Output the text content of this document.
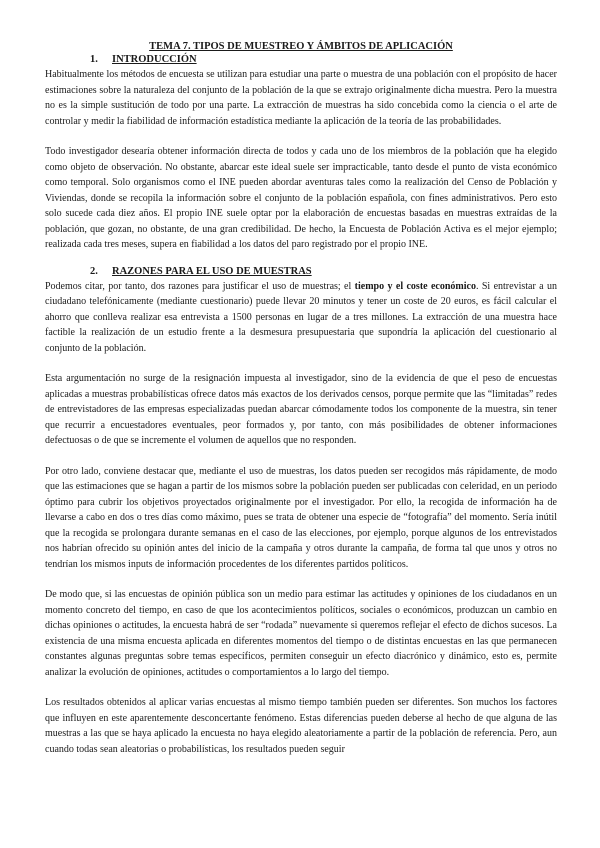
TEMA 7. TIPOS DE MUESTREO Y ÁMBITOS DE APLICACIÓN
1. INTRODUCCIÓN

Habitualmente los métodos de encuesta se utilizan para estudiar una parte o muestra de una población con el propósito de hacer estimaciones sobre la naturaleza del conjunto de la población de la que se extrajo originalmente dicha muestra. Pero la muestra no es la simple sustitución de todo por una parte. La extracción de muestras ha sido concebida como la ciencia o el arte de controlar y medir la fiabilidad de información estadística mediante la aplicación de la teoría de las probabilidades.

Todo investigador desearía obtener información directa de todos y cada uno de los miembros de la población que ha elegido como objeto de observación. No obstante, abarcar este ideal suele ser impracticable, tanto desde el punto de vista económico como temporal. Solo organismos como el INE pueden abordar aventuras tales como la realización del Censo de Población y Viviendas, donde se recopila la información sobre el conjunto de la población española, con fines administrativos. Pero esto solo sucede cada diez años. El propio INE suele optar por la elaboración de encuestas basadas en muestras extraídas de la población, que gozan, no obstante, de una gran credibilidad. De hecho, la Encuesta de Población Activa es el mejor ejemplo; realizada cada tres meses, supera en fiabilidad a los datos del paro registrado por el propio INE.

2. RAZONES PARA EL USO DE MUESTRAS

Podemos citar, por tanto, dos razones para justificar el uso de muestras; el tiempo y el coste económico. Si entrevistar a un ciudadano telefónicamente (mediante cuestionario) puede llevar 20 minutos y tener un coste de 20 euros, es fácil calcular el ahorro que conlleva realizar esa entrevista a 1500 personas en lugar de a tres millones. La extracción de una muestra hace factible la realización de un estudio frente a la desmesura presupuestaria que supondría la aplicación del cuestionario al conjunto de la población.

Esta argumentación no surge de la resignación impuesta al investigador, sino de la evidencia de que el peso de encuestas aplicadas a muestras probabilísticas ofrece datos más exactos de los derivados censos, porque permite que las “limitadas” redes de entrevistadores de las empresas especializadas puedan abarcar cómodamente todos los componente de la muestra, sin tener que recurrir a encuestadores eventuales, peor formados y, por tanto, con más posibilidades de obtener informaciones defectuosas o de que se incremente el volumen de aquellos que no responden.

Por otro lado, conviene destacar que, mediante el uso de muestras, los datos pueden ser recogidos más rápidamente, de modo que las estimaciones que se hagan a partir de los mismos sobre la población pueden ser publicadas con celeridad, en un periodo óptimo para cubrir los objetivos proyectados originalmente por el investigador. Por ello, la recogida de información ha de llevarse a cabo en dos o tres días como máximo, pues se trata de obtener una especie de “fotografía” del momento. Sería inútil que la recogida se prolongara durante semanas en el caso de las elecciones, por ejemplo, porque algunos de los entrevistados nos habrían ofrecido su opinión antes del inicio de la campaña y otros durante la campaña, de forma tal que unos y otros no tendrían los mismos inputs de información procedentes de los diferentes partidos políticos.

De modo que, si las encuestas de opinión pública son un medio para estimar las actitudes y opiniones de los ciudadanos en un momento concreto del tiempo, en caso de que los acontecimientos políticos, sociales o económicos, produzcan un cambio en dichas opiniones o actitudes, la encuesta habrá de ser “rodada” nuevamente si queremos reflejar el efecto de dichos sucesos. La existencia de una misma encuesta aplicada en diferentes momentos del tiempo o de distintas encuestas en las que permanecen constantes algunas preguntas sobre temas específicos, permiten conseguir un efecto diacrónico y dinámico, esto es, permite analizar la evolución de opiniones, actitudes o comportamientos a lo largo del tiempo.

Los resultados obtenidos al aplicar varias encuestas al mismo tiempo también pueden ser diferentes. Son muchos los factores que influyen en este aparentemente desconcertante fenómeno. Estas diferencias pueden deberse al hecho de que alguna de las muestras a las que se haya aplicado la encuesta no haya elegido aleatoriamente a partir de la población de referencia. Pero, aun cuando todas sean aleatorias o probabilísticas, los resultados pueden seguir
